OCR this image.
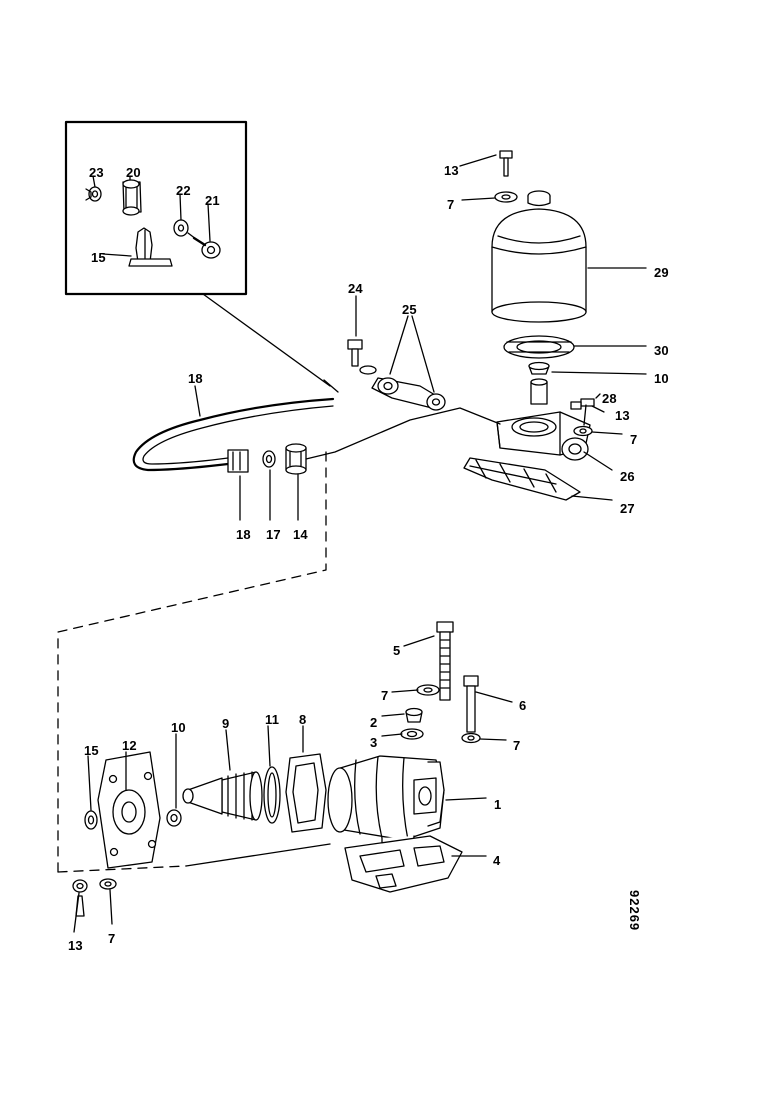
23 20
22
21
15
13
7
29
30
10
28
13
7
26
27
24
25
18
18 17 14
5
7
6
2
3	7
1
4
15 12
10	9	11 8
13 7
92269
